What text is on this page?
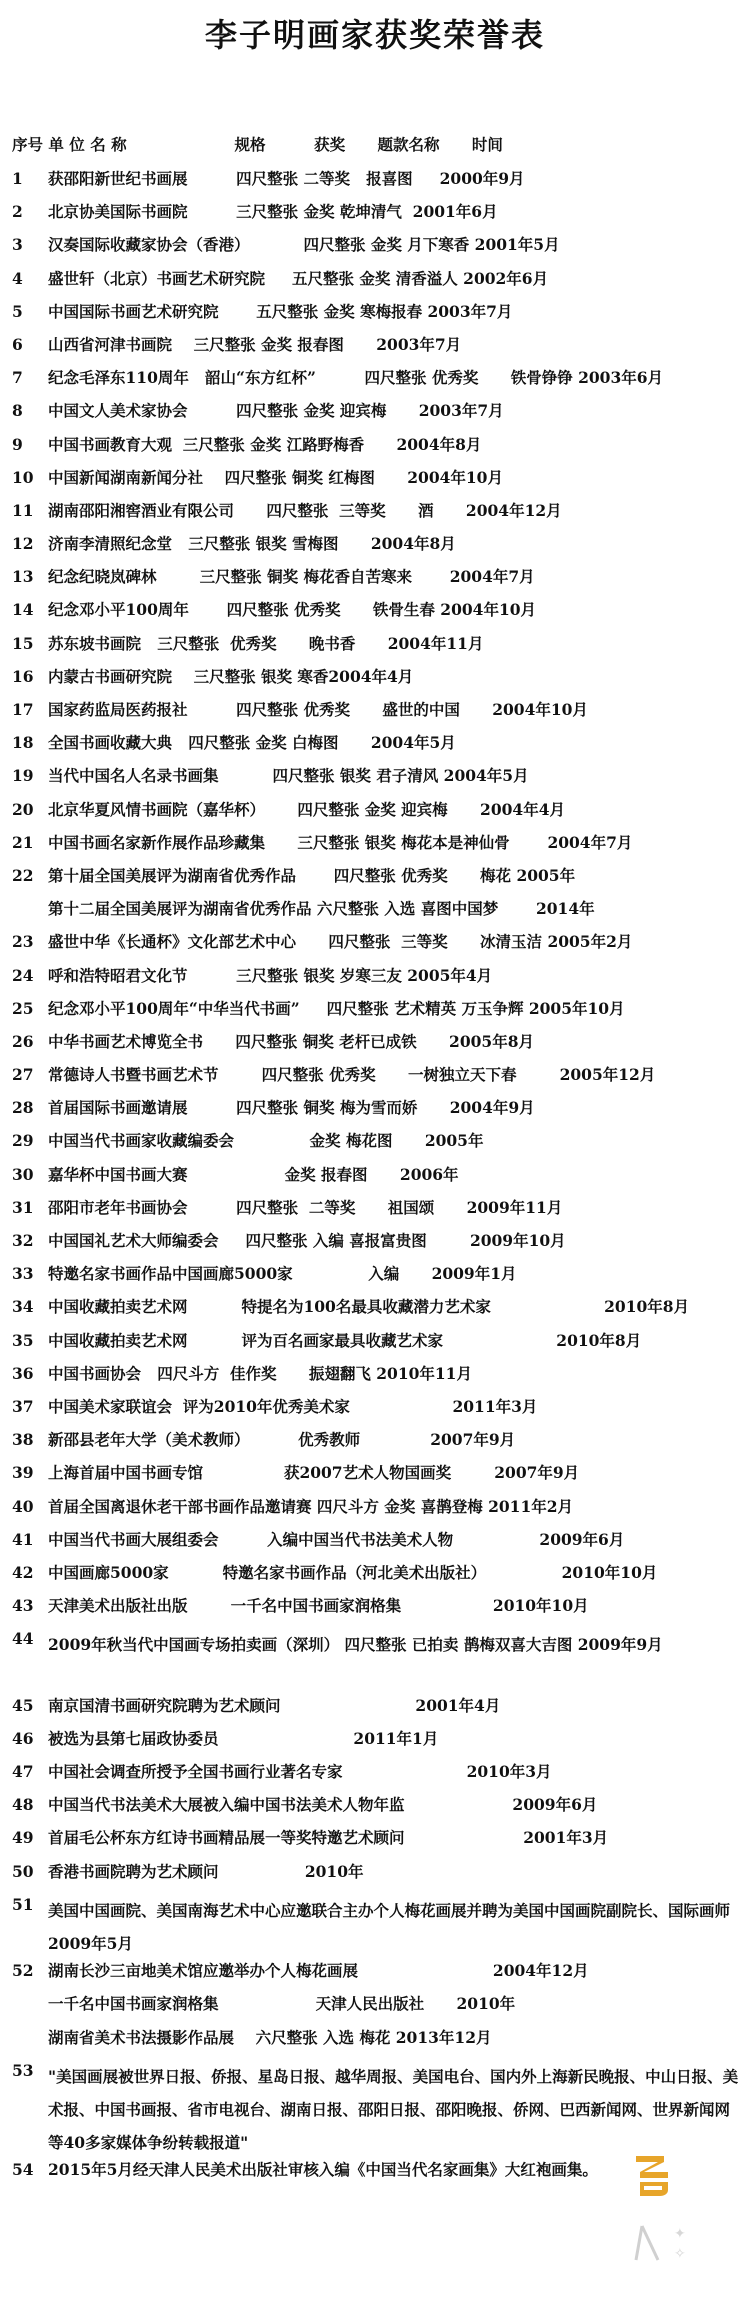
李子明画家获奖荣誉表
序号 单 位 名 称                    规格         获奖      题款名称      时间
1 获邵阳新世纪书画展         四尺整张 二等奖   报喜图     2000年9月
2 北京协美国际书画院         三尺整张 金奖 乾坤清气  2001年6月
3 汉奏国际收藏家协会（香港）          四尺整张 金奖 月下寒香 2001年5月
4 盛世轩（北京）书画艺术研究院     五尺整张 金奖 清香溢人 2002年6月
5 中国国际书画艺术研究院       五尺整张 金奖 寒梅报春 2003年7月
6 山西省河津书画院    三尺整张 金奖 报春图      2003年7月
7 纪念毛泽东110周年   韶山“东方红杯”         四尺整张 优秀奖      铁骨铮铮 2003年6月
8 中国文人美术家协会         四尺整张 金奖 迎宾梅      2003年7月
9 中国书画教育大观  三尺整张 金奖 江路野梅香      2004年8月
10 中国新闻湖南新闻分社    四尺整张 铜奖 红梅图      2004年10月
11 湖南邵阳湘窖酒业有限公司      四尺整张  三等奖      酒      2004年12月
12 济南李清照纪念堂   三尺整张 银奖 雪梅图      2004年8月
13 纪念纪晓岚碑林        三尺整张 铜奖 梅花香自苦寒来       2004年7月
14 纪念邓小平100周年       四尺整张 优秀奖      铁骨生春 2004年10月
15 苏东坡书画院   三尺整张  优秀奖      晚书香      2004年11月
16 内蒙古书画研究院    三尺整张 银奖 寒香2004年4月
17 国家药监局医药报社         四尺整张 优秀奖      盛世的中国      2004年10月
18 全国书画收藏大典   四尺整张 金奖 白梅图      2004年5月
19 当代中国名人名录书画集          四尺整张 银奖 君子清风 2004年5月
20 北京华夏风情书画院（嘉华杯）      四尺整张 金奖 迎宾梅      2004年4月
21 中国书画名家新作展作品珍藏集      三尺整张 银奖 梅花本是神仙骨       2004年7月
22 第十届全国美展评为湖南省优秀作品       四尺整张 优秀奖      梅花 2005年
第十二届全国美展评为湖南省优秀作品 六尺整张 入选 喜图中国梦       2014年
23 盛世中华《长通杯》文化部艺术中心      四尺整张  三等奖      冰清玉洁 2005年2月
24 呼和浩特昭君文化节         三尺整张 银奖 岁寒三友 2005年4月
25 纪念邓小平100周年“中华当代书画”     四尺整张 艺术精英 万玉争辉 2005年10月
26 中华书画艺术博览全书      四尺整张 铜奖 老杆已成铁      2005年8月
27 常德诗人书暨书画艺术节        四尺整张 优秀奖      一树独立天下春        2005年12月
28 首届国际书画邀请展         四尺整张 铜奖 梅为雪而娇      2004年9月
29 中国当代书画家收藏编委会              金奖 梅花图      2005年
30 嘉华杯中国书画大赛                  金奖 报春图      2006年
31 邵阳市老年书画协会         四尺整张  二等奖      祖国颂      2009年11月
32 中国国礼艺术大师编委会     四尺整张 入编 喜报富贵图        2009年10月
33 特邀名家书画作品中国画廊5000家              入编      2009年1月
34 中国收藏拍卖艺术网          特提名为100名最具收藏潜力艺术家                     2010年8月
35 中国收藏拍卖艺术网          评为百名画家最具收藏艺术家                     2010年8月
36 中国书画协会   四尺斗方  佳作奖      振翅翻飞 2010年11月
37 中国美术家联谊会  评为2010年优秀美术家                   2011年3月
38 新邵县老年大学（美术教师）         优秀教师             2007年9月
39 上海首届中国书画专馆               获2007艺术人物国画奖        2007年9月
40 首届全国离退休老干部书画作品邀请赛 四尺斗方 金奖 喜鹊登梅 2011年2月
41 中国当代书画大展组委会         入编中国当代书法美术人物                2009年6月
42 中国画廊5000家          特邀名家书画作品（河北美术出版社）              2010年10月
43 天津美术出版社出版        一千名中国书画家润格集                 2010年10月
44 2009年秋当代中国画专场拍卖画（深圳） 四尺整张 已拍卖 鹊梅双喜大吉图 2009年9月
45 南京国清书画研究院聘为艺术顾问                         2001年4月
46 被选为县第七届政协委员                         2011年1月
47 中国社会调查所授予全国书画行业著名专家                       2010年3月
48 中国当代书法美术大展被入编中国书法美术人物年监                    2009年6月
49 首届毛公杯东方红诗书画精品展一等奖特邀艺术顾问                      2001年3月
50 香港书画院聘为艺术顾问                2010年
51 美国中国画院、美国南海艺术中心应邀联合主办个人梅花画展并聘为美国中国画院副院长、国际画师 2009年5月
52 湖南长沙三亩地美术馆应邀举办个人梅花画展                         2004年12月
一千名中国书画家润格集                  天津人民出版社      2010年
湖南省美术书法摄影作品展    六尺整张 入选 梅花 2013年12月
53 "美国画展被世界日报、侨报、星岛日报、越华周报、美国电台、国内外上海新民晚报、中山日报、美术报、中国书画报、省市电视台、湖南日报、邵阳日报、邵阳晚报、侨网、巴西新闻网、世界新闻网等40多家媒体争纷转载报道"
54 2015年5月经天津人民美术出版社审核入编《中国当代名家画集》大红袍画集。
✦
✧
